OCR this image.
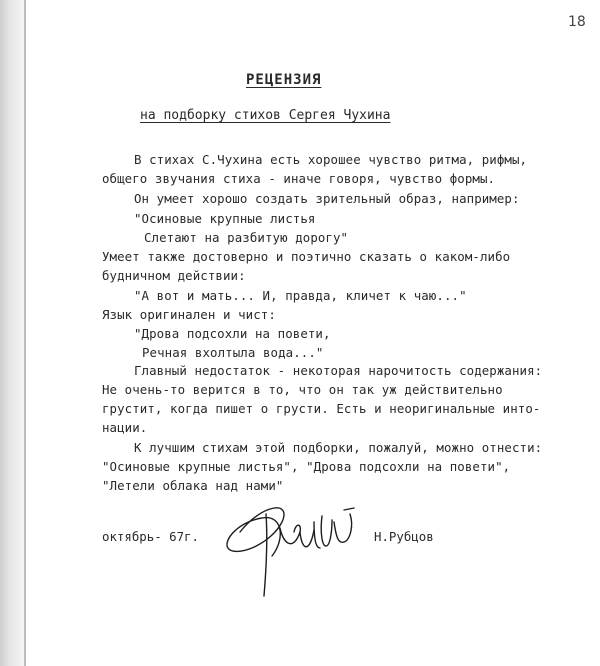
18
РЕЦЕНЗИЯ
на подборку стихов Сергея Чухина
В стихах С.Чухина есть хорошее чувство ритма, рифмы,
общего звучания стиха - иначе говоря, чувство формы.
Он умеет хорошо создать зрительный образ, например:
"Осиновые крупные листья
Слетают на разбитую дорогу"
Умеет также достоверно и поэтично сказать о каком-либо
будничном действии:
"А вот и мать... И, правда, кличет к чаю..."
Язык оригинален и чист:
"Дрова подсохли на повети,
Речная вхолтыла вода..."
Главный недостаток - некоторая нарочитость содержания:
Не очень-то верится в то, что он так уж действительно
грустит, когда пишет о грусти. Есть и неоригинальные инто-
нации.
К лучшим стихам этой подборки, пожалуй, можно отнести:
"Осиновые крупные листья", "Дрова подсохли на повети",
"Летели облака над нами"
октябрь- 67г.	Н.Рубцов
